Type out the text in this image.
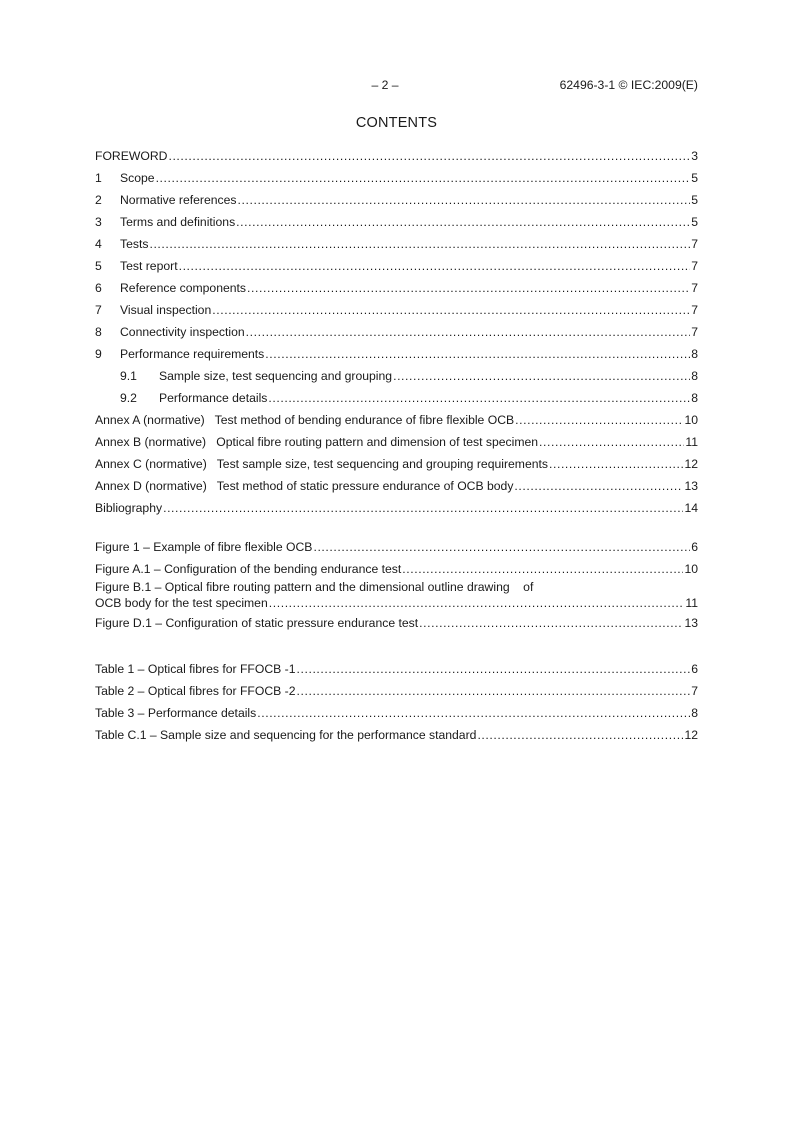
– 2 –	62496-3-1 © IEC:2009(E)
CONTENTS
FOREWORD .....	3
1	Scope .....	5
2	Normative references .....	5
3	Terms and definitions .....	5
4	Tests .....	7
5	Test report .....	7
6	Reference components .....	7
7	Visual inspection .....	7
8	Connectivity inspection .....	7
9	Performance requirements .....	8
9.1	Sample size, test sequencing and grouping .....	8
9.2	Performance details .....	8
Annex A (normative)   Test method of bending endurance of fibre flexible OCB .....	10
Annex B (normative)   Optical fibre routing pattern and dimension of test specimen .....	11
Annex C (normative)   Test sample size, test sequencing and grouping requirements .....	12
Annex D (normative)   Test method of static pressure endurance of OCB body .....	13
Bibliography .....	14
Figure 1 – Example of fibre flexible OCB .....	6
Figure A.1 – Configuration of the bending endurance test .....	10
Figure B.1 – Optical fibre routing pattern and the dimensional outline drawing    of
OCB body for the test specimen .....	11
Figure D.1 – Configuration of static pressure endurance test .....	13
Table 1 – Optical fibres for FFOCB -1 .....	6
Table 2 – Optical fibres for FFOCB -2 .....	7
Table 3 – Performance details .....	8
Table C.1 – Sample size and sequencing for the performance standard .....	12
